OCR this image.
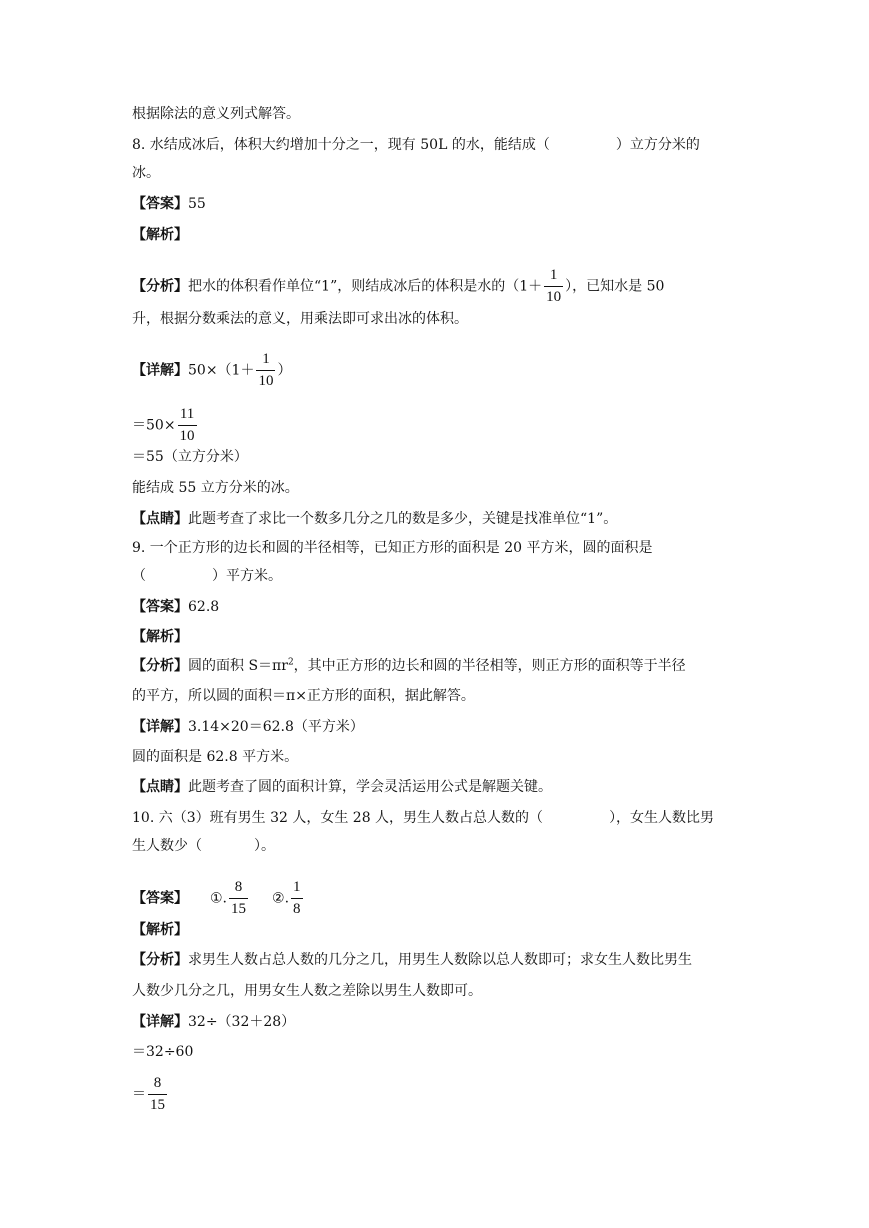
根据除法的意义列式解答。
8. 水结成冰后，体积大约增加十分之一，现有 50L 的水，能结成（	）立方分米的
冰。
【答案】55
【解析】
【分析】把水的体积看作单位“1”，则结成冰后的体积是水的（$1+ \frac{1}{10}$ ），已知水是 50
升，根据分数乘法的意义，用乘法即可求出冰的体积。
【详解】$50\times(1+ \frac{1}{10}$ ）
$=50\times \frac{11}{10}$
＝55（立方分米）
能结成 55 立方分米的冰。
【点睛】此题考查了求比一个数多几分之几的数是多少，关键是找准单位“1”。
9. 一个正方形的边长和圆的半径相等，已知正方形的面积是 20 平方米，圆的面积是
（	）平方米。
【答案】62.8
【解析】
【分析】圆的面积 $S=\pi r^2$，其中正方形的边长和圆的半径相等，则正方形的面积等于半径
的平方，所以圆的面积＝π×正方形的面积，据此解答。
【详解】3.14×20＝62.8（平方米）
圆的面积是 62.8 平方米。
【点睛】此题考查了圆的面积计算，学会灵活运用公式是解题关键。
10. 六（3）班有男生 32 人，女生 28 人，男生人数占总人数的（	），女生人数比男
生人数少（	）。
【答案】 ①. $\frac{8}{15}$ ②. $\frac{1}{8}$
【解析】
【分析】求男生人数占总人数的几分之几，用男生人数除以总人数即可；求女生人数比男生
人数少几分之几，用男女生人数之差除以男生人数即可。
【详解】32÷（32＋28）
＝32÷60
＝ $\frac{8}{15}$
